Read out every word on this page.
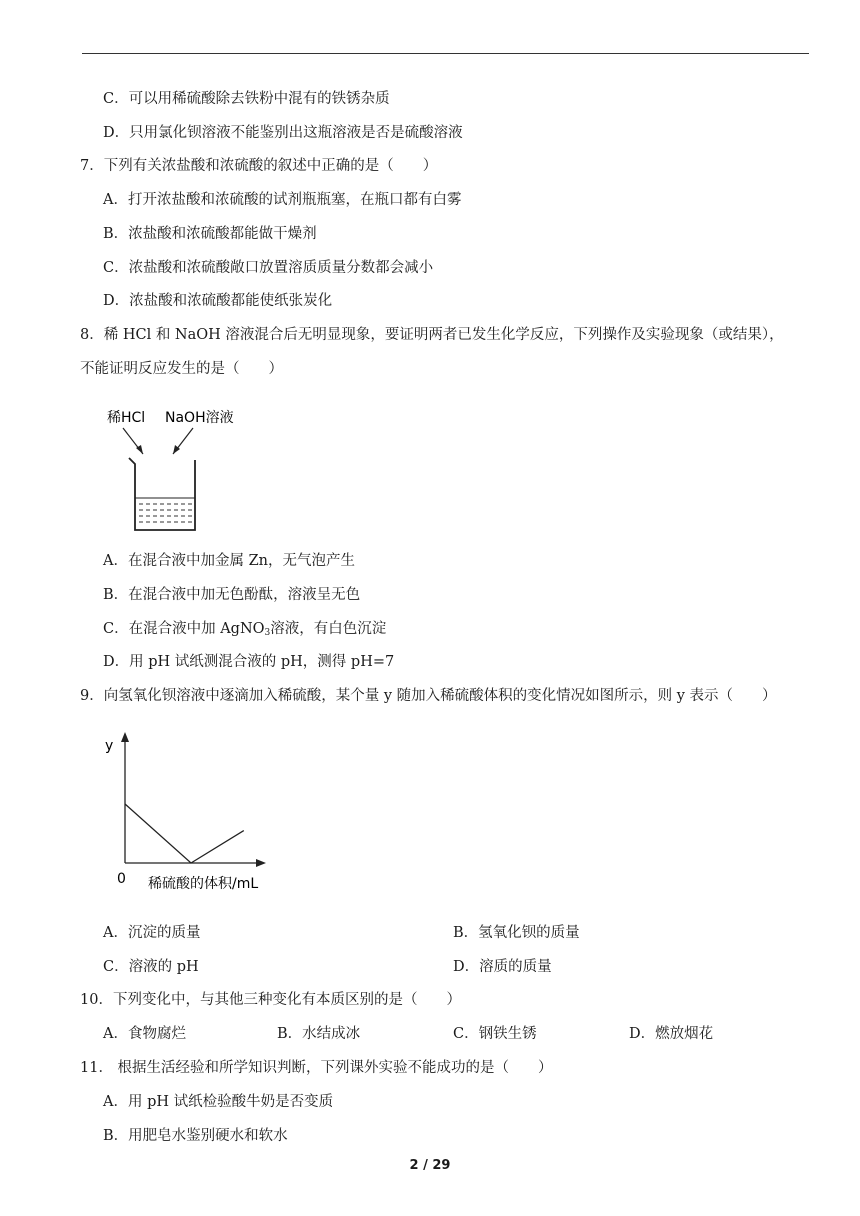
C．可以用稀硫酸除去铁粉中混有的铁锈杂质
D．只用氯化钡溶液不能鉴别出这瓶溶液是否是硫酸溶液
7．下列有关浓盐酸和浓硫酸的叙述中正确的是（　　）
A．打开浓盐酸和浓硫酸的试剂瓶瓶塞，在瓶口都有白雾
B．浓盐酸和浓硫酸都能做干燥剂
C．浓盐酸和浓硫酸敞口放置溶质质量分数都会减小
D．浓盐酸和浓硫酸都能使纸张炭化
8．稀 HCl 和 NaOH 溶液混合后无明显现象，要证明两者已发生化学反应，下列操作及实验现象（或结果），
不能证明反应发生的是（　　）
稀HCl NaOH溶液
A．在混合液中加金属 Zn，无气泡产生
B．在混合液中加无色酚酞，溶液呈无色
C．在混合液中加 AgNO$_3$溶液，有白色沉淀
D．用 pH 试纸测混合液的 pH，测得 pH=7
9．向氢氧化钡溶液中逐滴加入稀硫酸，某个量 y 随加入稀硫酸体积的变化情况如图所示，则 y 表示（　　）
y
0 稀硫酸的体积/mL
A．沉淀的质量	B．氢氧化钡的质量
C．溶液的 pH	D．溶质的质量
10．下列变化中，与其他三种变化有本质区别的是（　　）
A．食物腐烂	B．水结成冰	C．钢铁生锈	D．燃放烟花
11． 根据生活经验和所学知识判断，下列课外实验不能成功的是（　　）
A．用 pH 试纸检验酸牛奶是否变质
B．用肥皂水鉴别硬水和软水
2 / 29
